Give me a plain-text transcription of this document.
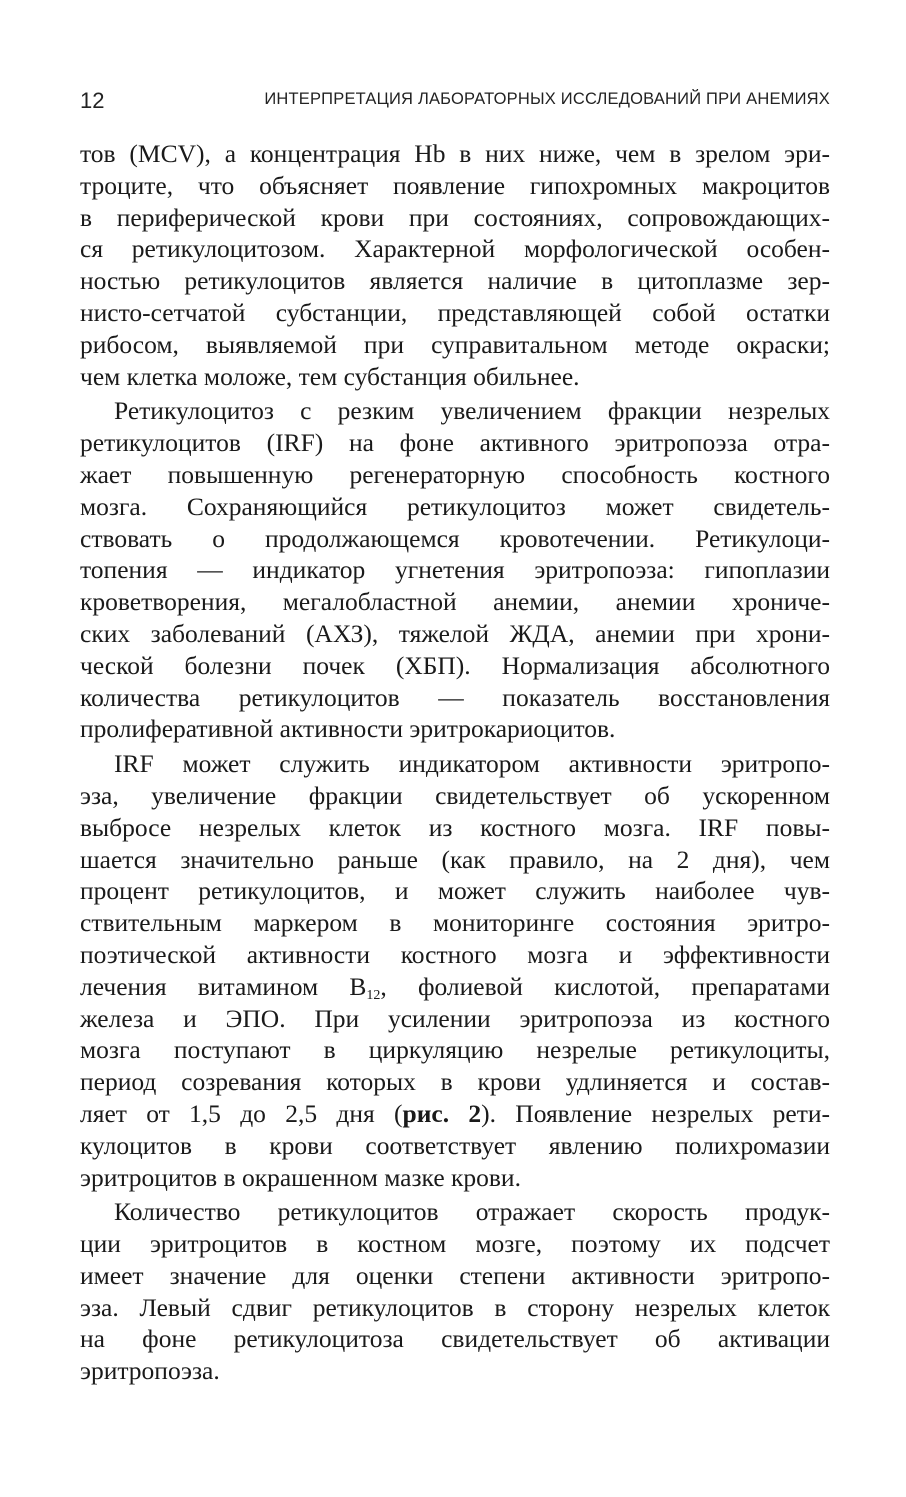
12	ИНТЕРПРЕТАЦИЯ ЛАБОРАТОРНЫХ ИССЛЕДОВАНИЙ ПРИ АНЕМИЯХ
тов (MCV), а концентрация Hb в них ниже, чем в зрелом эри-
троците, что объясняет появление гипохромных макроцитов
в периферической крови при состояниях, сопровождающих-
ся ретикулоцитозом. Характерной морфологической особен-
ностью ретикулоцитов является наличие в цитоплазме зер-
нисто-сетчатой субстанции, представляющей собой остатки
рибосом, выявляемой при суправитальном методе окраски;
чем клетка моложе, тем субстанция обильнее.
Ретикулоцитоз с резким увеличением фракции незрелых
ретикулоцитов (IRF) на фоне активного эритропоэза отра-
жает повышенную регенераторную способность костного
мозга. Сохраняющийся ретикулоцитоз может свидетель-
ствовать о продолжающемся кровотечении. Ретикулоци-
топения — индикатор угнетения эритропоэза: гипоплазии
кроветворения, мегалобластной анемии, анемии хрониче-
ских заболеваний (АХЗ), тяжелой ЖДА, анемии при хрони-
ческой болезни почек (ХБП). Нормализация абсолютного
количества ретикулоцитов — показатель восстановления
пролиферативной активности эритрокариоцитов.
IRF может служить индикатором активности эритропо-
эза, увеличение фракции свидетельствует об ускоренном
выбросе незрелых клеток из костного мозга. IRF повы-
шается значительно раньше (как правило, на 2 дня), чем
процент ретикулоцитов, и может служить наиболее чув-
ствительным маркером в мониторинге состояния эритро-
поэтической активности костного мозга и эффективности
лечения витамином $B_{12}$, фолиевой кислотой, препаратами
железа и ЭПО. При усилении эритропоэза из костного
мозга поступают в циркуляцию незрелые ретикулоциты,
период созревания которых в крови удлиняется и состав-
ляет от 1,5 до 2,5 дня (рис. 2). Появление незрелых рети-
кулоцитов в крови соответствует явлению полихромазии
эритроцитов в окрашенном мазке крови.
Количество ретикулоцитов отражает скорость продук-
ции эритроцитов в костном мозге, поэтому их подсчет
имеет значение для оценки степени активности эритропо-
эза. Левый сдвиг ретикулоцитов в сторону незрелых клеток
на фоне ретикулоцитоза свидетельствует об активации
эритропоэза.
